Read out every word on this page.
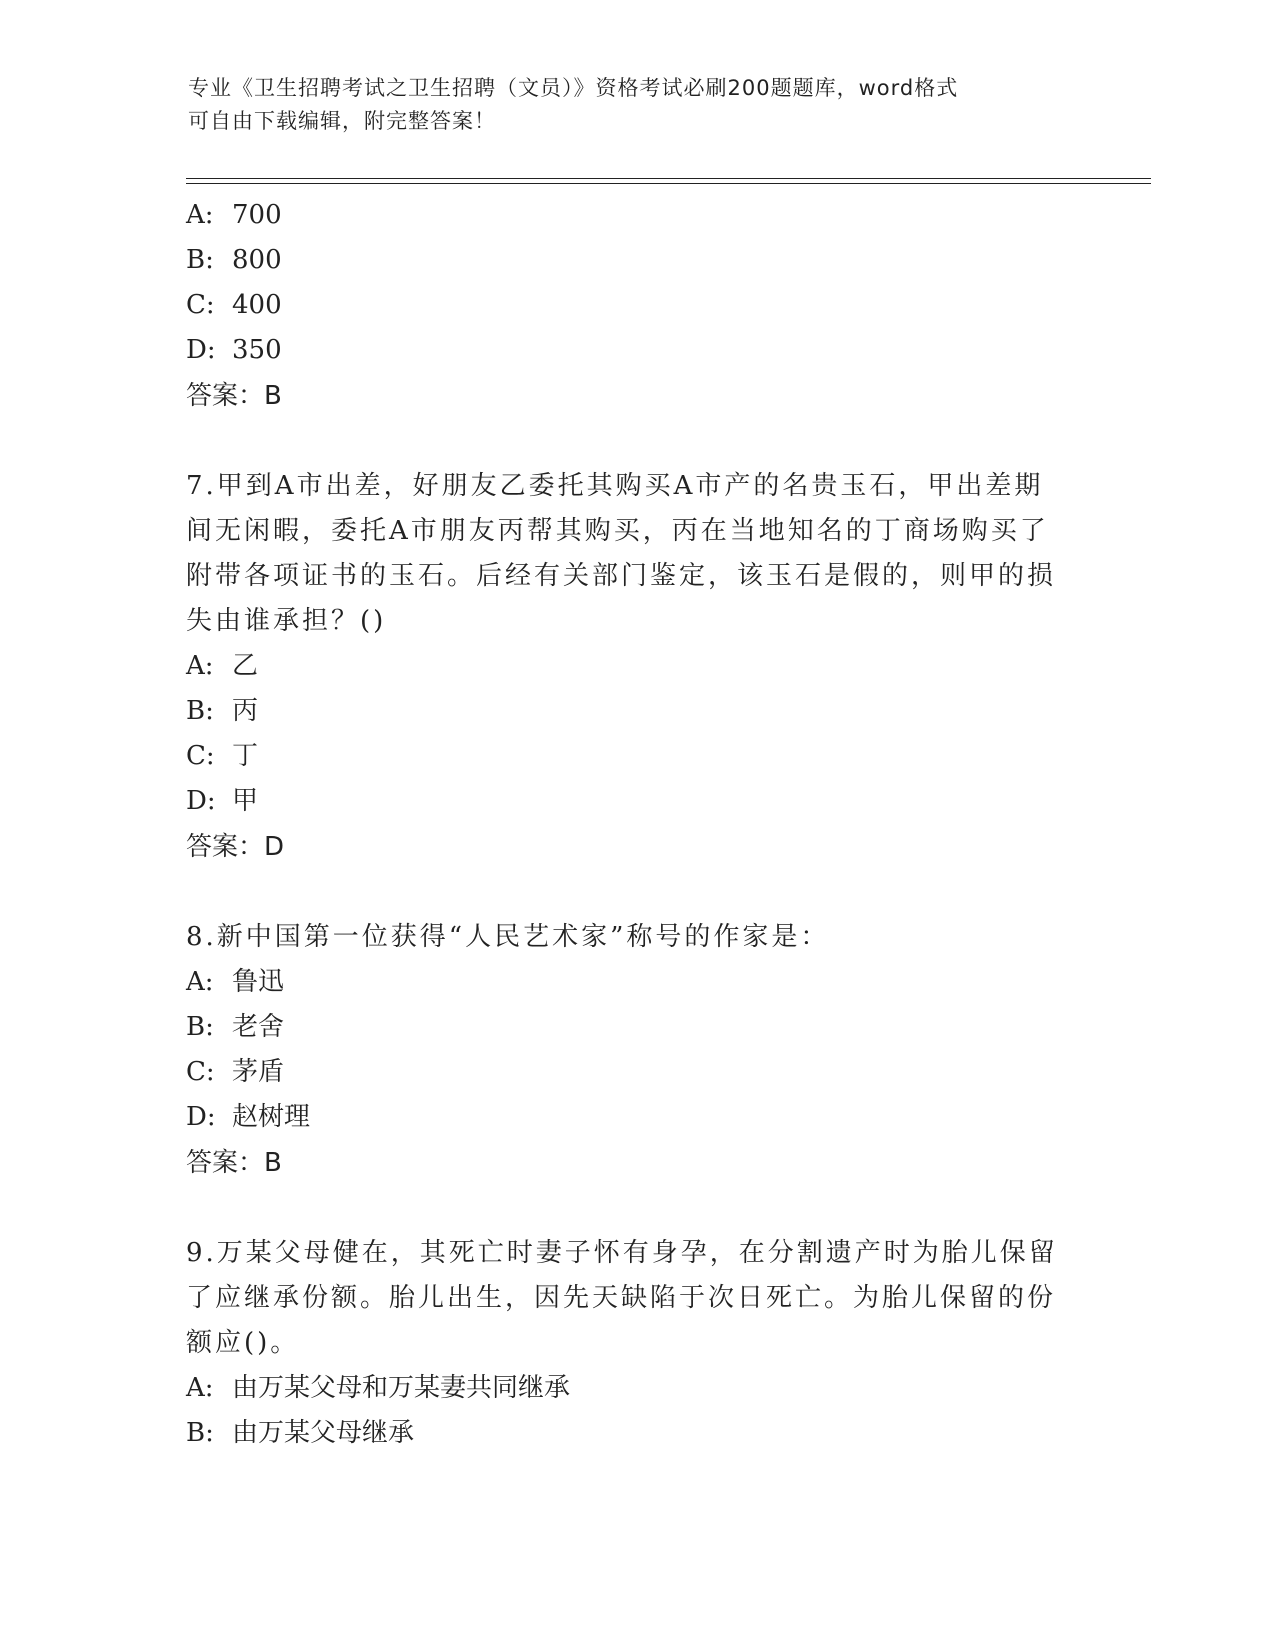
专业《卫生招聘考试之卫生招聘（文员）》资格考试必刷200题题库，word格式
可自由下载编辑，附完整答案！
A: 700
B: 800
C: 400
D: 350
答案：B
7.甲到A市出差，好朋友乙委托其购买A市产的名贵玉石，甲出差期
间无闲暇，委托A市朋友丙帮其购买，丙在当地知名的丁商场购买了
附带各项证书的玉石。后经有关部门鉴定，该玉石是假的，则甲的损
失由谁承担？()
A: 乙
B: 丙
C: 丁
D: 甲
答案：D
8.新中国第一位获得“人民艺术家”称号的作家是：
A: 鲁迅
B: 老舍
C: 茅盾
D: 赵树理
答案：B
9.万某父母健在，其死亡时妻子怀有身孕，在分割遗产时为胎儿保留
了应继承份额。胎儿出生，因先天缺陷于次日死亡。为胎儿保留的份
额应()。
A: 由万某父母和万某妻共同继承
B: 由万某父母继承
